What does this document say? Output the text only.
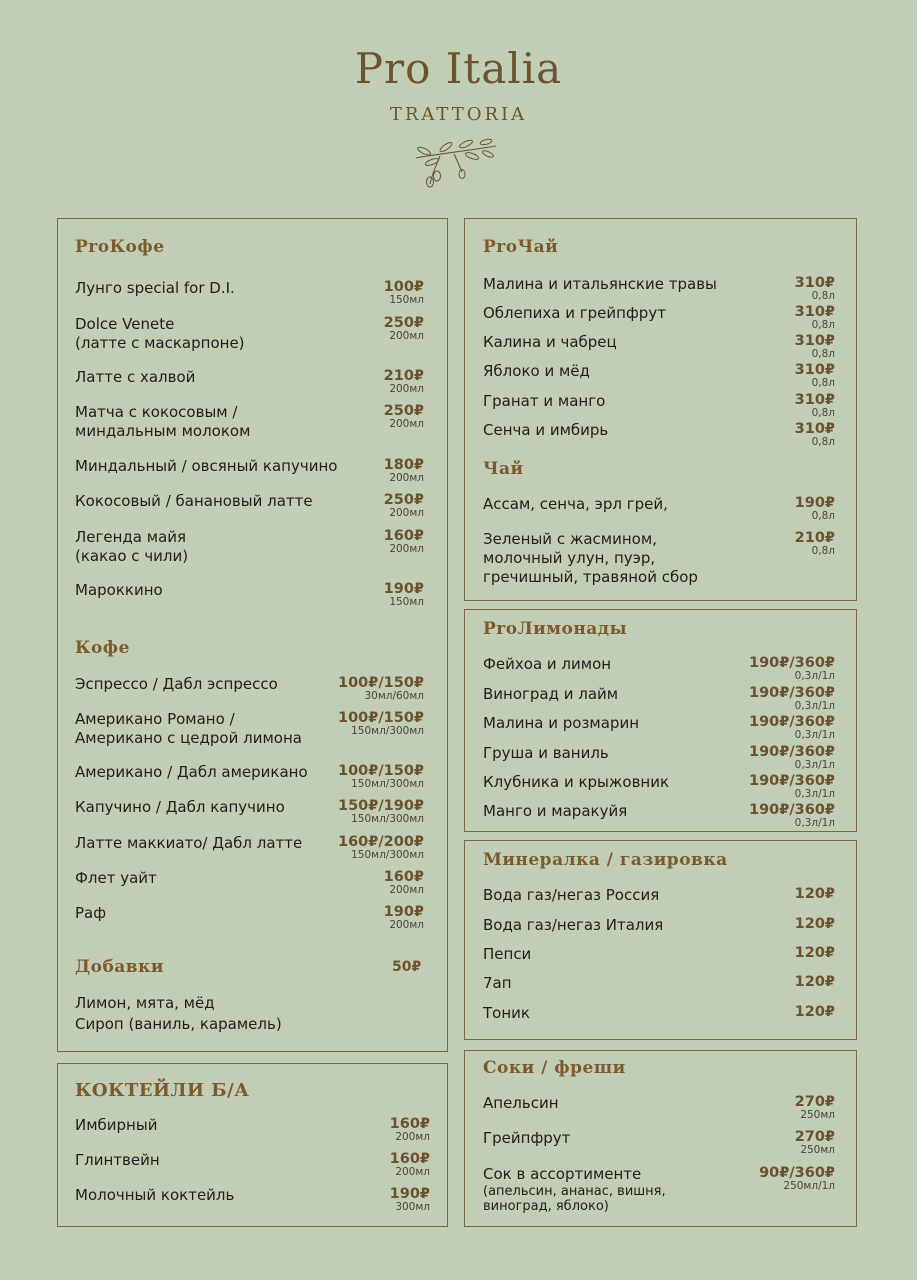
Pro Italia
TRATTORIA
ProКофе
Лунго special for D.I.	100₽
150мл
Dolce Venete
(латте с маскарпоне)
250₽
200мл
Латте с халвой	210₽
200мл
Матча с кокосовым /
миндальным молоком
250₽
200мл
Миндальный / овсяный капучино	180₽
200мл
Кокосовый / банановый латте	250₽
200мл
Легенда майя
(какао с чили)
160₽
200мл
Мароккино	190₽
150мл
Кофе
Эспрессо / Дабл эспрессо	100₽/150₽
30мл/60мл
Американо Романо /
Американо с цедрой лимона
100₽/150₽
150мл/300мл
Американо / Дабл американо 100₽/150₽
150мл/300мл
Капучино / Дабл капучино	150₽/190₽
150мл/300мл
Латте маккиато/ Дабл латте 160₽/200₽
150мл/300мл
Флет уайт	160₽
200мл
Раф	190₽
200мл
Добавки	50₽
Лимон, мята, мёд
Сироп (ваниль, карамель)
КОКТЕЙЛИ Б/А
Имбирный	160₽
200мл
Глинтвейн	160₽
200мл
Молочный коктейль	190₽
300мл
ProЧай
Малина и итальянские травы	310₽
0,8л
Облепиха и грейпфрут	310₽
0,8л
Калина и чабрец	310₽
0,8л
Яблоко и мёд	310₽
0,8л
Гранат и манго	310₽
0,8л
Сенча и имбирь	310₽
0,8л
Чай
Ассам, сенча, эрл грей,	190₽
0,8л
Зеленый с жасмином,
молочный улун, пуэр,
гречишный, травяной сбор
210₽
0,8л
ProЛимонады
Фейхоа и лимон	190₽/360₽
0,3л/1л
Виноград и лайм	190₽/360₽
0,3л/1л
Малина и розмарин	190₽/360₽
0,3л/1л
Груша и ваниль	190₽/360₽
0,3л/1л
Клубника и крыжовник	190₽/360₽
0,3л/1л
Манго и маракуйя	190₽/360₽
0,3л/1л
Минералка / газировка
Вода газ/негаз Россия	120₽
Вода газ/негаз Италия	120₽
Пепси	120₽
7ап	120₽
Тоник	120₽
Соки / фреши
Апельсин	270₽
250мл
Грейпфрут	270₽
250мл
Сок в ассортименте
(апельсин, ананас, вишня,
виноград, яблоко)
90₽/360₽
250мл/1л
